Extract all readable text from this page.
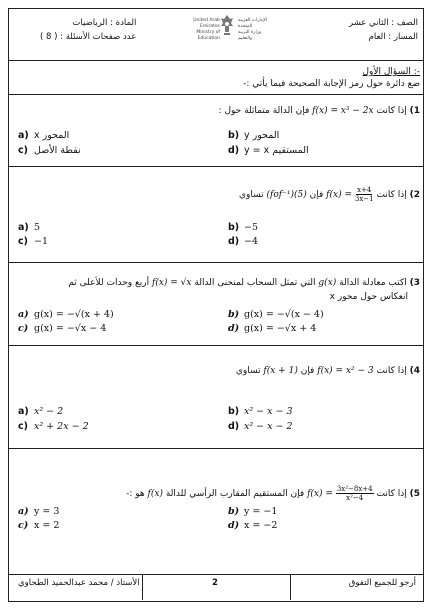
الصف : الثاني عشر
المسار : العام
United Arab Emirates
Ministry of Education
الإمارات العربية المتحدة
وزارة التربية والتعليم
المادة : الرياضيات
عدد صفحات الأسئلة : ( 8 )
السؤال الأول :-
ضع دائرة حول رمز الإجابة الصحيحة فيما يأتي :-
1) إذا كانت f(x) = x³ − 2x فإن الدالة متماثلة حول :
a) المحور x	b) المحور y
c) نقطة الأصل	d) المستقيم y = x
2) إذا كانت $f(x) = \frac{x+4}{3x-1}$
فإن (fof⁻¹)(5) تساوي
a) 5	b) −5
c) −1	d) −4
3) اكتب معادلة الدالة g(x) التي تمثل السحاب لمنحنى الدالة f(x) = √x أربع وحدات للأعلى ثم
انعكاس حول محور x
a) g(x) = −√(x + 4)	b) g(x) = −√(x − 4)
c) g(x) = −√x − 4	d) g(x) = −√x + 4
4) إذا كانت f(x) = x² − 3 فإن f(x + 1) تساوي
a) x² − 2	b) x² − x − 3
c) x² + 2x − 2	d) x² − x − 2
5) إذا كانت $f(x) = \frac{\text{3x²−8x+4}}{\text{x²−4}}$
فإن المستقيم المقارب الرأسي للدالة f(x) هو :-
a) y = 3	b) y = −1
c) x = 2	d) x = −2
أرجو للجميع التفوق
2
الأستاذ / محمد عبدالحميد الطحاوي
